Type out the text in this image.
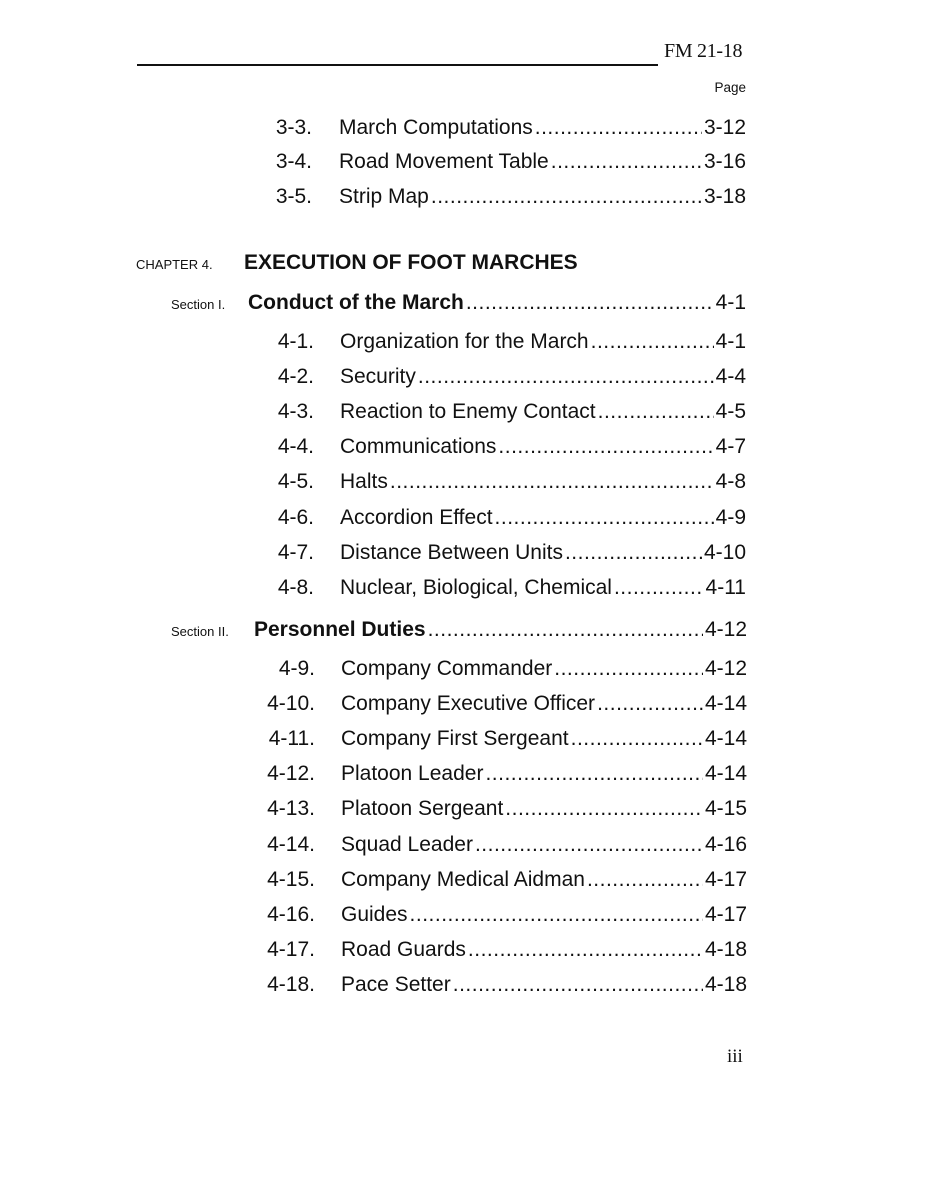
FM 21-18
Page
3-3. March Computations .....	3-12
3-4. Road Movement Table .....	3-16
3-5. Strip Map .....	3-18
CHAPTER 4. EXECUTION OF FOOT MARCHES
Section I. Conduct of the March .....	4-1
4-1. Organization for the March .....	4-1
4-2. Security .....	4-4
4-3. Reaction to Enemy Contact .....	4-5
4-4. Communications .....	4-7
4-5. Halts .....	4-8
4-6. Accordion Effect .....	4-9
4-7. Distance Between Units .....	4-10
4-8. Nuclear, Biological, Chemical .....	4-11
Section II. Personnel Duties .....	4-12
4-9. Company Commander .....	4-12
4-10. Company Executive Officer .....	4-14
4-11. Company First Sergeant .....	4-14
4-12. Platoon Leader .....	4-14
4-13. Platoon Sergeant .....	4-15
4-14. Squad Leader .....	4-16
4-15. Company Medical Aidman .....	4-17
4-16. Guides .....	4-17
4-17. Road Guards .....	4-18
4-18. Pace Setter .....	4-18
iii
